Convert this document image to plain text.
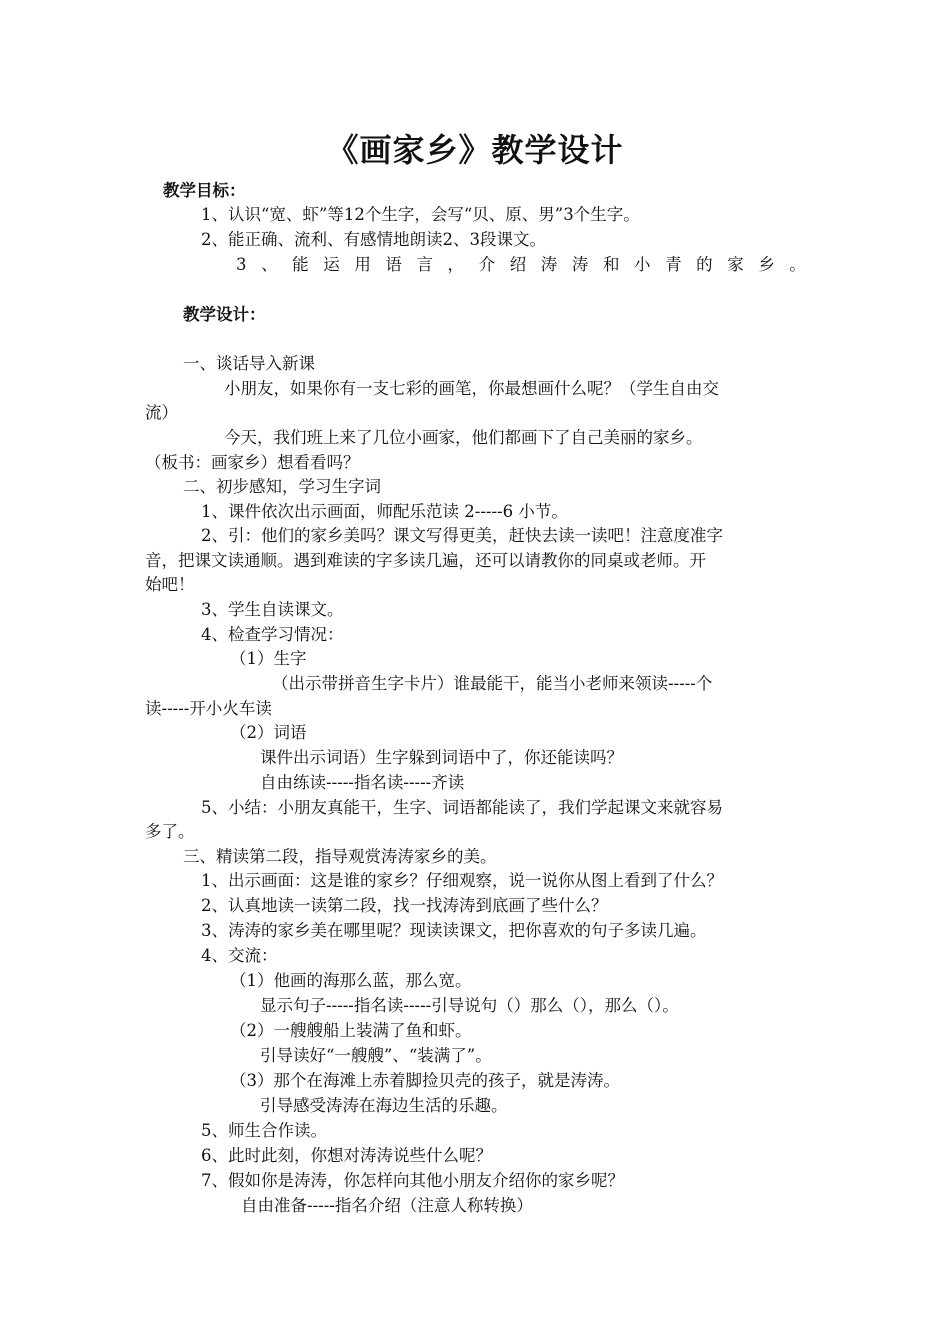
《画家乡》教学设计
教学目标：
1、认识“宽、虾”等12个生字，会写“贝、原、男”3个生字。
2、能正确、流利、有感情地朗读2、3段课文。
3 、 能 运 用 语 言 ， 介 绍 涛 涛 和 小 青 的 家 乡 。
教学设计：
一、谈话导入新课
小朋友，如果你有一支七彩的画笔，你最想画什么呢？（学生自由交
流）
今天，我们班上来了几位小画家，他们都画下了自己美丽的家乡。
（板书：画家乡）想看看吗？
二、初步感知，学习生字词
1、课件依次出示画面，师配乐范读 2-----6 小节。
2、引：他们的家乡美吗？课文写得更美，赶快去读一读吧！注意度准字
音，把课文读通顺。遇到难读的字多读几遍，还可以请教你的同桌或老师。开
始吧！
3、学生自读课文。
4、检查学习情况：
（1）生字
（出示带拼音生字卡片）谁最能干，能当小老师来领读-----个
读-----开小火车读
（2）词语
课件出示词语）生字躲到词语中了，你还能读吗？
自由练读-----指名读-----齐读
5、小结：小朋友真能干，生字、词语都能读了，我们学起课文来就容易
多了。
三、精读第二段，指导观赏涛涛家乡的美。
1、出示画面：这是谁的家乡？仔细观察，说一说你从图上看到了什么？
2、认真地读一读第二段，找一找涛涛到底画了些什么？
3、涛涛的家乡美在哪里呢？现读读课文，把你喜欢的句子多读几遍。
4、交流：
（1）他画的海那么蓝，那么宽。
显示句子-----指名读-----引导说句（）那么（），那么（）。
（2）一艘艘船上装满了鱼和虾。
引导读好“一艘艘”、“装满了”。
（3）那个在海滩上赤着脚捡贝壳的孩子，就是涛涛。
引导感受涛涛在海边生活的乐趣。
5、师生合作读。
6、此时此刻，你想对涛涛说些什么呢？
7、假如你是涛涛，你怎样向其他小朋友介绍你的家乡呢？
自由准备-----指名介绍（注意人称转换）
